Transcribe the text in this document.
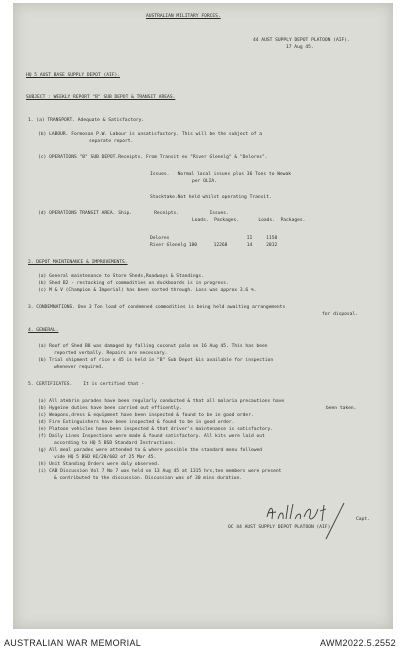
AUSTRALIAN MILITARY FORCES.
44 AUST SUPPLY DEPOT PLATOON (AIF).
17 Aug 45.
HQ 5 AUST BASE SUPPLY DEPOT (AIF).
SUBJECT : WEEKLY REPORT "B" SUB DEPOT & TRANSIT AREAS.
1. (a) TRANSPORT. Adequate & Satisfactory.
(b) LABOUR. Formosan P.W. Labour is unsatisfactory. This will be the subject of a
separate report.
(c) OPERATIONS "B" SUB DEPOT.Receipts. From Transit ex "River Glenelg" & "Delores".
Issues.   Normal local issues plus 36 Tons to Wewak
per OLIA.
Stocktake.Not held whilst operating Transit.
(d) OPERATIONS TRANSIT AREA. Ship.        Receipts.           Issues.
Loads.  Packages.       Loads.  Packages.
Delores                            II     1158
River Glenelg 180      12268       14     2012
2. DEPOT MAINTENANCE & IMPROVEMENTS.
(a) General maintenance to Store Sheds,Roadways & Standings.
(b) Shed B2 - restacking of commodities on duckboards is in progress.
(c) M & V (Champion & Imperial) has been sorted through. Loss was approx 3.6 %.
3. CONDEMNATIONS. One 3 Ton load of condemned commodities is being held awaiting arrangements
for disposal.
4. GENERAL.
(a) Roof of Shed B8 was damaged by falling coconut palm on 16 Aug 45. This has been
reported verbally. Repairs are necessary.
(b) Trial shipment of rice x 45 is held in "B" Sub Depot &is available for inspection
whenever required.
5. CERTIFICATES.    It is certified that -
(a) All atebrin parades have been regularly conducted & that all malaria precautions have
(b) Hygeine duties have been carried out efficently.	been taken.
(c) Weapons,dress & equipment have been inspected & found to be in good order.
(d) Fire Extinguishers have been inspected & found to be in good order.
(e) Platoon vehicles have been inspected & that driver's maintenance is satisfactory.
(f) Daily Lines Inspections were made & found satisfactory. All kits were laid out
according to HQ 5 BSD Standard Instructions.
(g) All meal parades were attended to & where possible the standard menu followed
vide HQ 5 BSD HI/28/602 of 25 Mar 45.
(h) Unit Standing Orders were duly observed.
(i) CAB Discussion Vol 7 No 7 was held on 13 Aug 45 at 1315 hrs,ten members were present
& contributed to the discussion. Discussion was of 30 mins duration.
Capt.
OC 44 AUST SUPPLY DEPOT PLATOON (AIF).
AUSTRALIAN WAR MEMORIAL	AWM2022.5.2552
